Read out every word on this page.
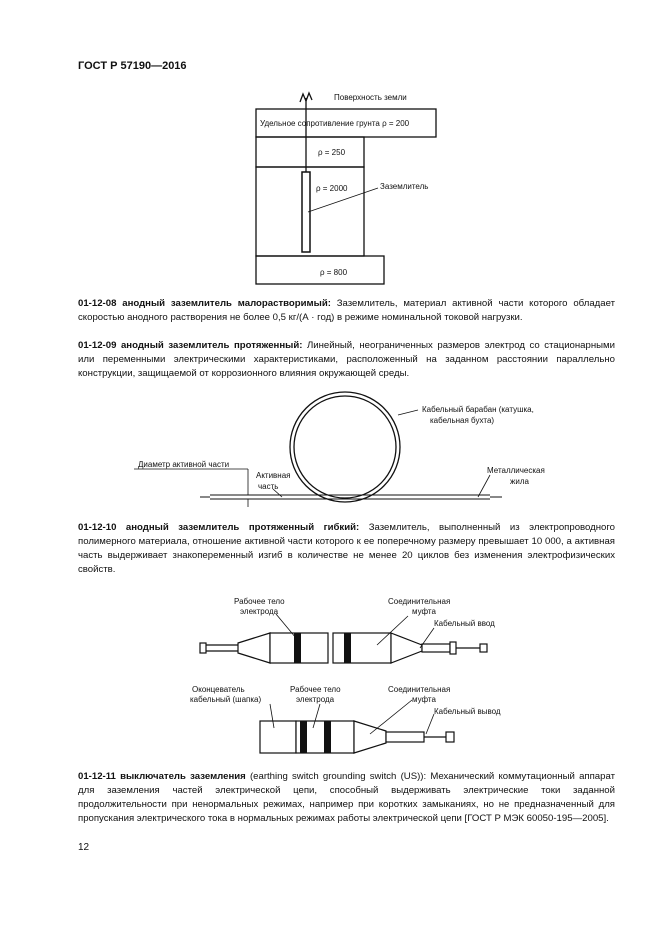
ГОСТ Р 57190—2016
Поверхность земли
Удельное сопротивление грунта ρ = 200
ρ = 250
ρ = 2000	Заземлитель
ρ = 800

01-12-08 анодный заземлитель малорастворимый: Заземлитель, материал активной части которого обладает скоростью анодного растворения не более 0,5 кг/(А · год) в режиме номинальной токовой нагрузки.

01-12-09 анодный заземлитель протяженный: Линейный, неограниченных размеров электрод со стационарными или переменными электрическими характеристиками, расположенный на заданном расстоянии параллельно конструкции, защищаемой от коррозионного влияния окружающей среды.

Кабельный барабан (катушка,
кабельная бухта)
Диаметр активной части
Активная
часть
Металлическая
жила

01-12-10 анодный заземлитель протяженный гибкий: Заземлитель, выполненный из электропроводного полимерного материала, отношение активной части которого к ее поперечному размеру превышает 10 000, а активная часть выдерживает знакопеременный изгиб в количестве не менее 20 циклов без изменения электрофизических свойств.

Рабочее тело
электрода
Соединительная
муфта
Кабельный ввод
Оконцеватель
кабельный (шапка)
Рабочее тело
электрода
Соединительная
муфта
Кабельный вывод

01-12-11 выключатель заземления (earthing switch grounding switch (US)): Механический коммутационный аппарат для заземления частей электрической цепи, способный выдерживать электрические токи заданной продолжительности при ненормальных режимах, например при коротких замыканиях, но не предназначенный для пропускания электрического тока в нормальных режимах работы электрической цепи [ГОСТ Р МЭК 60050-195—2005].

12
